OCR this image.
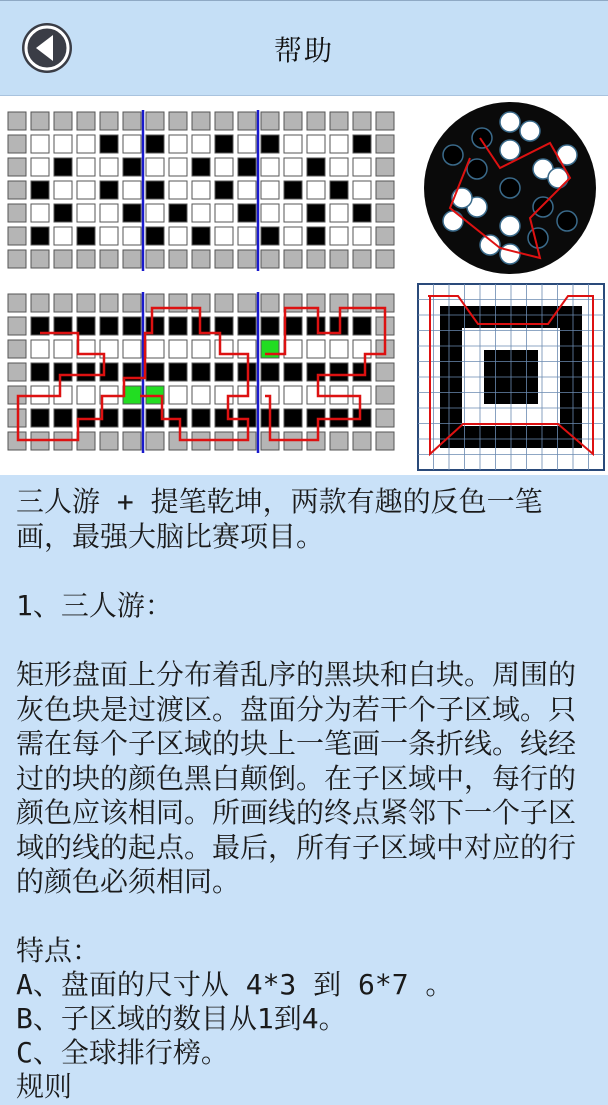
帮助
三人游 + 提笔乾坤，两款有趣的反色一笔画，最强大脑比赛项目。
1、三人游：
矩形盘面上分布着乱序的黑块和白块。周围的灰色块是过渡区。盘面分为若干个子区域。只需在每个子区域的块上一笔画一条折线。线经过的块的颜色黑白颠倒。在子区域中，每行的颜色应该相同。所画线的终点紧邻下一个子区域的线的起点。最后，所有子区域中对应的行的颜色必须相同。
特点：
A、盘面的尺寸从 4*3 到 6*7 。
B、子区域的数目从1到4。
C、全球排行榜。
规则
